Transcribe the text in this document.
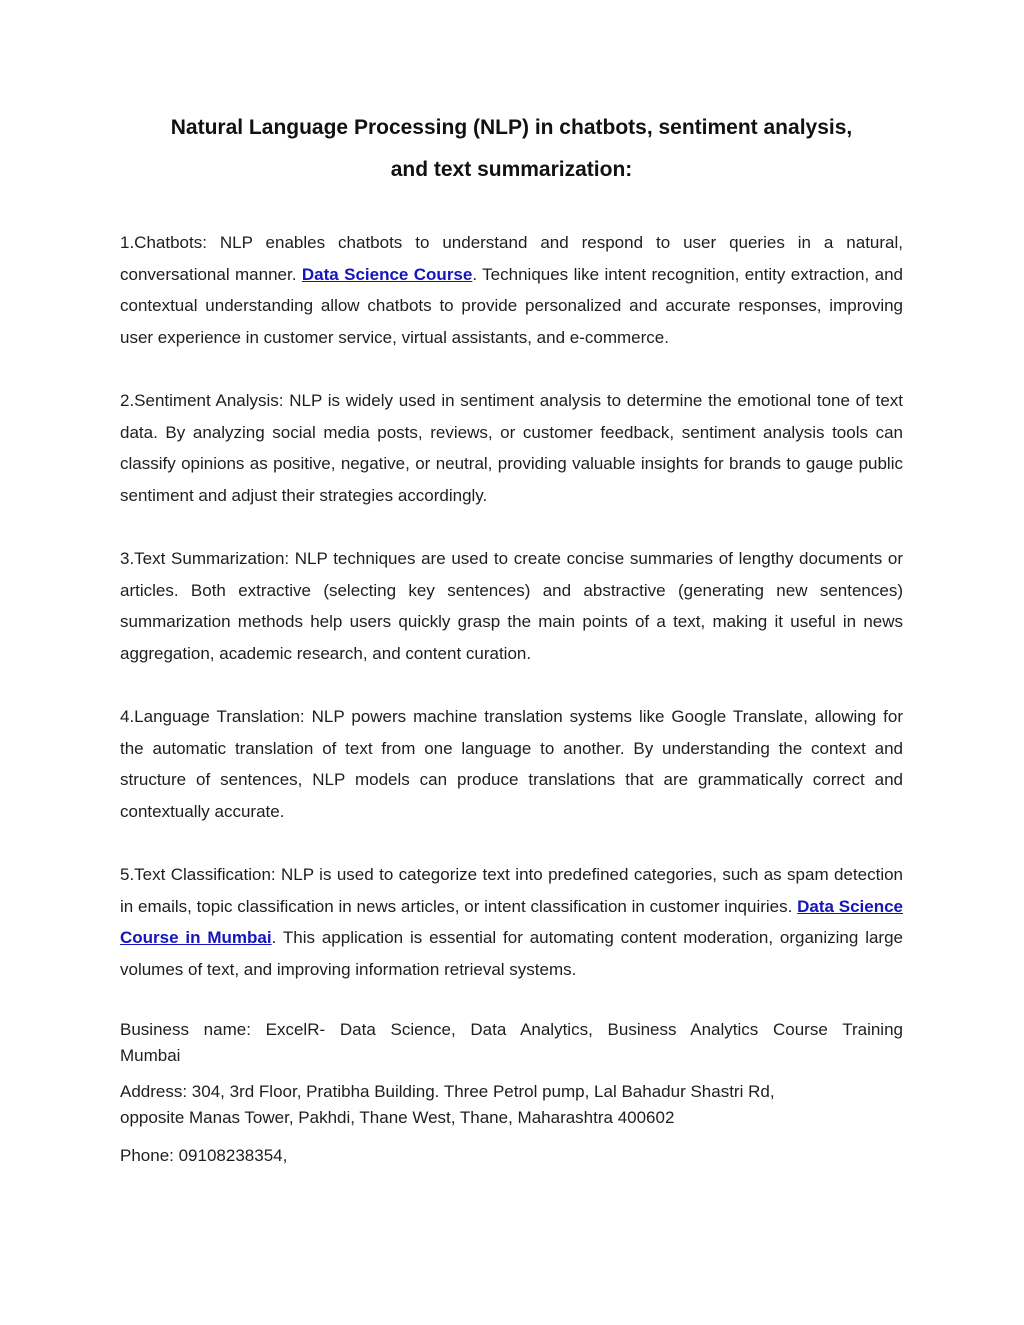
Natural Language Processing (NLP) in chatbots, sentiment analysis,
and text summarization:

1.Chatbots: NLP enables chatbots to understand and respond to user queries in a natural, conversational manner. Data Science Course. Techniques like intent recognition, entity extraction, and contextual understanding allow chatbots to provide personalized and accurate responses, improving user experience in customer service, virtual assistants, and e-commerce.

2.Sentiment Analysis: NLP is widely used in sentiment analysis to determine the emotional tone of text data. By analyzing social media posts, reviews, or customer feedback, sentiment analysis tools can classify opinions as positive, negative, or neutral, providing valuable insights for brands to gauge public sentiment and adjust their strategies accordingly.

3.Text Summarization: NLP techniques are used to create concise summaries of lengthy documents or articles. Both extractive (selecting key sentences) and abstractive (generating new sentences) summarization methods help users quickly grasp the main points of a text, making it useful in news aggregation, academic research, and content curation.

4.Language Translation: NLP powers machine translation systems like Google Translate, allowing for the automatic translation of text from one language to another. By understanding the context and structure of sentences, NLP models can produce translations that are grammatically correct and contextually accurate.

5.Text Classification: NLP is used to categorize text into predefined categories, such as spam detection in emails, topic classification in news articles, or intent classification in customer inquiries. Data Science Course in Mumbai. This application is essential for automating content moderation, organizing large volumes of text, and improving information retrieval systems.

Business name: ExcelR- Data Science, Data Analytics, Business Analytics Course Training
Mumbai
Address: 304, 3rd Floor, Pratibha Building. Three Petrol pump, Lal Bahadur Shastri Rd,
opposite Manas Tower, Pakhdi, Thane West, Thane, Maharashtra 400602
Phone: 09108238354,
